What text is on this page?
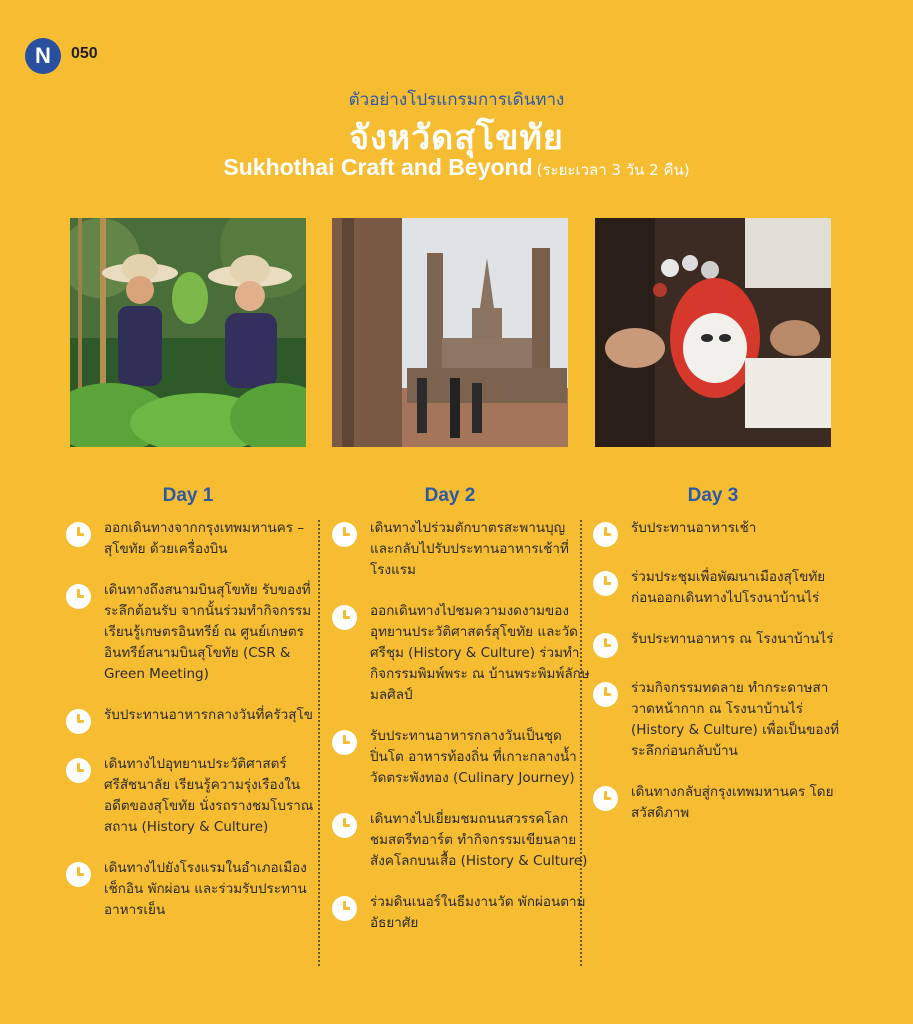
N 050
ตัวอย่างโปรแกรมการเดินทาง
จังหวัดสุโขทัย
Sukhothai Craft and Beyond (ระยะเวลา 3 วัน 2 คืน)
Day 1	Day 2	Day 3
ออกเดินทางจากกรุงเทพมหานคร – สุโขทัย ด้วยเครื่องบิน
เดินทางถึงสนามบินสุโขทัย รับของที่ระลึกต้อนรับ จากนั้นร่วมทำกิจกรรมเรียนรู้เกษตรอินทรีย์ ณ ศูนย์เกษตรอินทรีย์สนามบินสุโขทัย (CSR & Green Meeting)
รับประทานอาหารกลางวันที่ครัวสุโข
เดินทางไปอุทยานประวัติศาสตร์ศรีสัชนาลัย เรียนรู้ความรุ่งเรืองในอดีตของสุโขทัย นั่งรถรางชมโบราณสถาน (History & Culture)
เดินทางไปยังโรงแรมในอำเภอเมือง เช็กอิน พักผ่อน และร่วมรับประทานอาหารเย็น
เดินทางไปร่วมตักบาตรสะพานบุญ และกลับไปรับประทานอาหารเช้าที่โรงแรม
ออกเดินทางไปชมความงดงามของอุทยานประวัติศาสตร์สุโขทัย และวัดศรีชุม (History & Culture) ร่วมทำกิจกรรมพิมพ์พระ ณ บ้านพระพิมพ์ลักษมลศิลป์
รับประทานอาหารกลางวันเป็นชุดปิ่นโต อาหารท้องถิ่น ที่เกาะกลางน้ำวัดตระพังทอง (Culinary Journey)
เดินทางไปเยี่ยมชมถนนสวรรคโลก ชมสตรีทอาร์ต ทำกิจกรรมเขียนลายสังคโลกบนเสื้อ (History & Culture)
ร่วมดินเนอร์ในธีมงานวัด พักผ่อนตามอัธยาศัย
รับประทานอาหารเช้า
ร่วมประชุมเพื่อพัฒนาเมืองสุโขทัย ก่อนออกเดินทางไปโรงนาบ้านไร่
รับประทานอาหาร ณ โรงนาบ้านไร่
ร่วมกิจกรรมทดลาย ทำกระดาษสา วาดหน้ากาก ณ โรงนาบ้านไร่ (History & Culture) เพื่อเป็นของที่ระลึกก่อนกลับบ้าน
เดินทางกลับสู่กรุงเทพมหานคร โดยสวัสดิภาพ
